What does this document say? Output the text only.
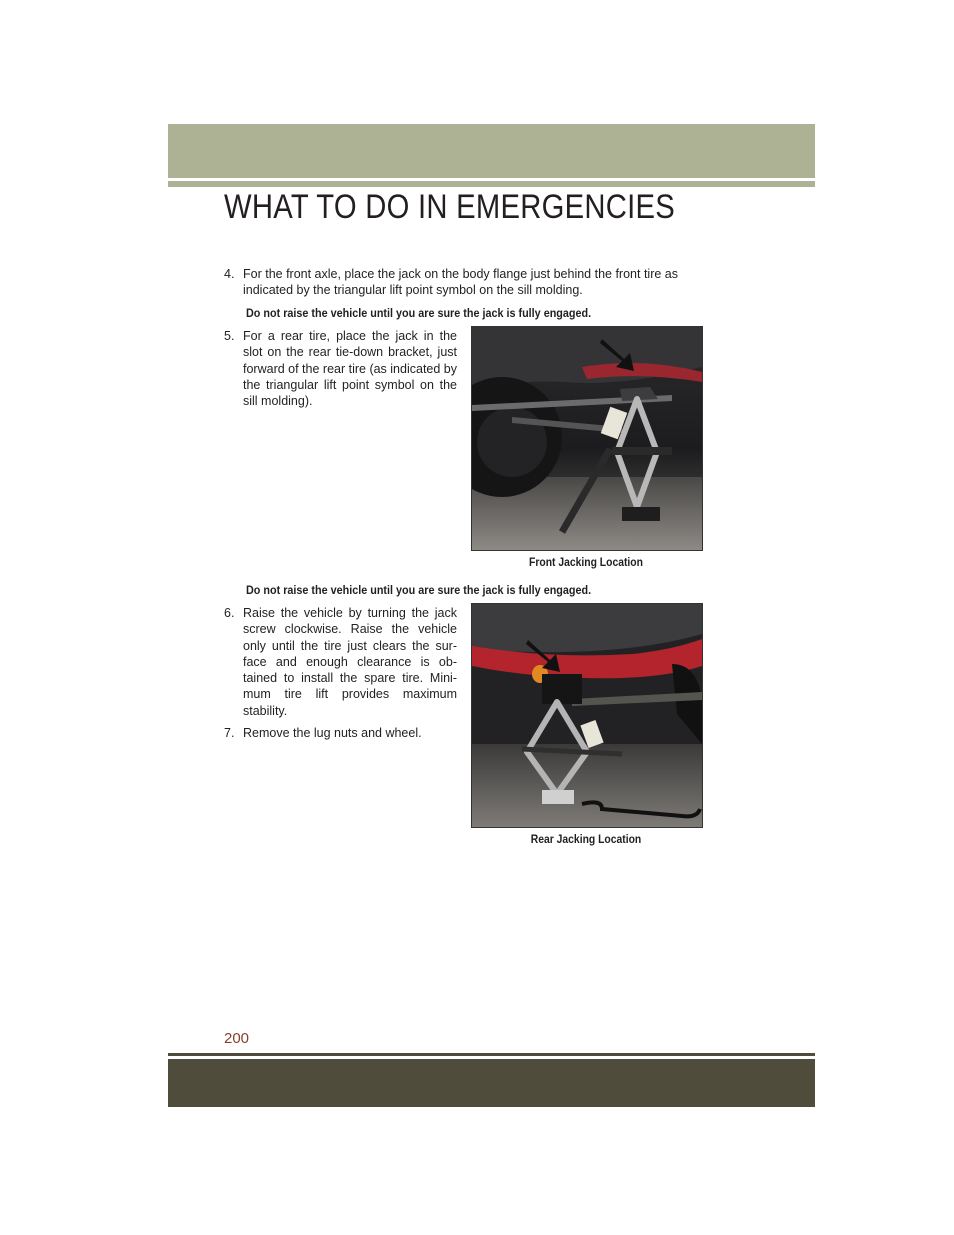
WHAT TO DO IN EMERGENCIES
4. For the front axle, place the jack on the body flange just behind the front tire as indicated by the triangular lift point symbol on the sill molding.
Do not raise the vehicle until you are sure the jack is fully engaged.
5. For a rear tire, place the jack in the slot on the rear tie-down bracket, just forward of the rear tire (as indicated by the triangular lift point symbol on the sill molding).
Front Jacking Location
Do not raise the vehicle until you are sure the jack is fully engaged.
6. Raise the vehicle by turning the jack screw clockwise. Raise the vehicle only until the tire just clears the sur-face and enough clearance is ob-tained to install the spare tire. Mini-mum tire lift provides maximum stability.
7. Remove the lug nuts and wheel.
Rear Jacking Location
200
